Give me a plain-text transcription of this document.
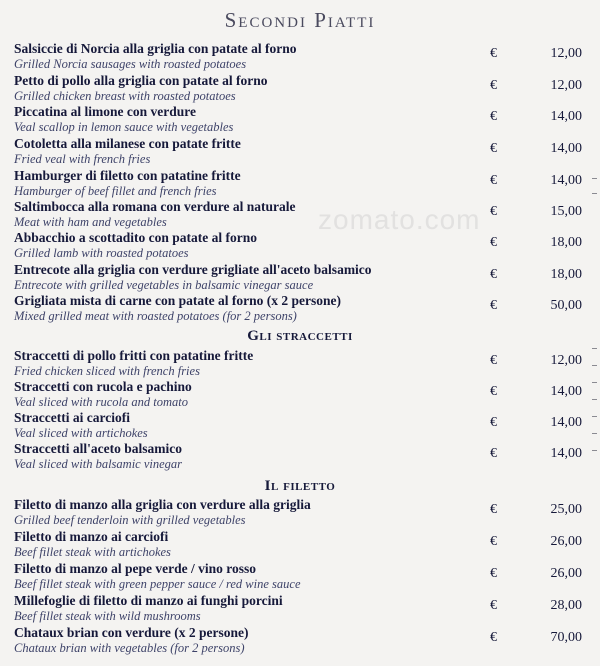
Secondi Piatti
zomato.com
Salsiccie di Norcia alla griglia con patate al forno
Grilled Norcia sausages with roasted potatoes
€	12,00
Petto di pollo alla griglia con patate al forno
Grilled chicken breast with roasted potatoes
€	12,00
Piccatina al limone con verdure
Veal scallop in lemon sauce with vegetables
€	14,00
Cotoletta alla milanese con patate fritte
Fried veal with french fries
€	14,00
Hamburger di filetto con patatine fritte
Hamburger of beef fillet and french fries
€	14,00
Saltimbocca alla romana con verdure al naturale
Meat with ham and vegetables
€	15,00
Abbacchio a scottadito con patate al forno
Grilled lamb with roasted potatoes
€	18,00
Entrecote alla griglia con verdure grigliate all'aceto balsamico
Entrecote with grilled vegetables in balsamic vinegar sauce
€	18,00
Grigliata mista di carne con patate al forno (x 2 persone)
Mixed grilled meat with roasted potatoes (for 2 persons)
€	50,00
Gli straccetti
Straccetti di pollo fritti con patatine fritte
Fried chicken sliced with french fries
€	12,00
Straccetti con rucola e pachino
Veal sliced with rucola and tomato
€	14,00
Straccetti ai carciofi
Veal sliced with artichokes
€	14,00
Straccetti all'aceto balsamico
Veal sliced with balsamic vinegar
€	14,00
Il filetto
Filetto di manzo alla griglia con verdure alla griglia
Grilled beef tenderloin with grilled vegetables
€	25,00
Filetto di manzo ai carciofi
Beef fillet steak with artichokes
€	26,00
Filetto di manzo al pepe verde / vino rosso
Beef fillet steak with green pepper sauce / red wine sauce
€	26,00
Millefoglie di filetto di manzo ai funghi porcini
Beef fillet steak with wild mushrooms
€	28,00
Chataux brian con verdure (x 2 persone)
Chataux brian with vegetables (for 2 persons)
€	70,00
